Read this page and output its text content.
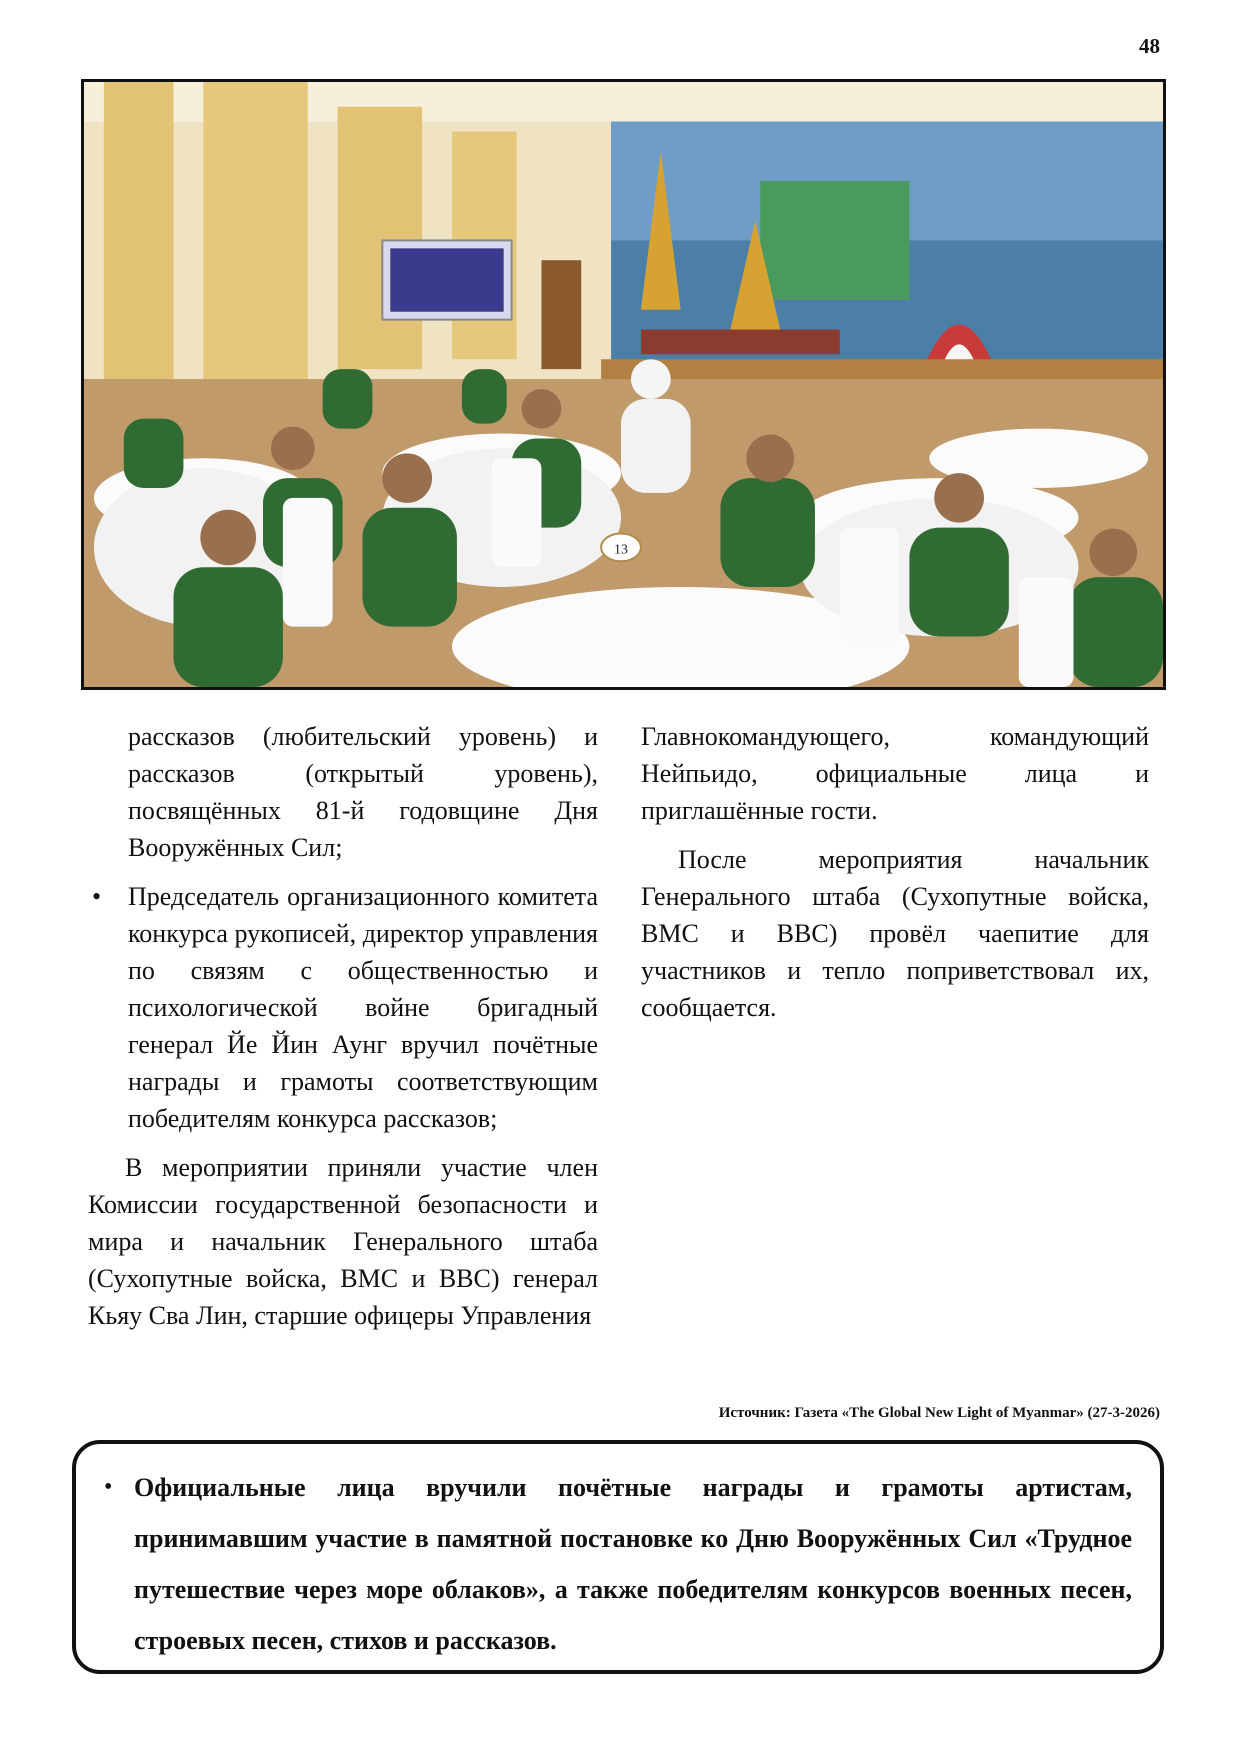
48
13

рассказов (любительский уровень) и рассказов (открытый уровень), посвящённых 81-й годовщине Дня Вооружённых Сил;

• Председатель организационного комитета конкурса рукописей, директор управления по связям с общественностью и психологической войне бригадный генерал Йе Йин Аунг вручил почётные награды и грамоты соответствующим победителям конкурса рассказов;

В мероприятии приняли участие член Комиссии государственной безопасности и мира и начальник Генерального штаба (Сухопутные войска, ВМС и ВВС) генерал Кьяу Сва Лин, старшие офицеры Управления

Главнокомандующего, командующий Нейпьидо, официальные лица и приглашённые гости.

После мероприятия начальник Генерального штаба (Сухопутные войска, ВМС и ВВС) провёл чаепитие для участников и тепло поприветствовал их, сообщается.

Источник: Газета «The Global New Light of Myanmar» (27-3-2026)
• Официальные лица вручили почётные награды и грамоты артистам, принимавшим участие в памятной постановке ко Дню Вооружённых Сил «Трудное путешествие через море облаков», а также победителям конкурсов военных песен, строевых песен, стихов и рассказов.
